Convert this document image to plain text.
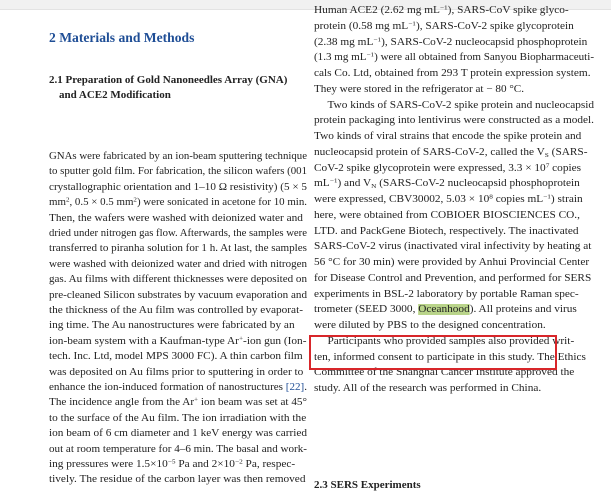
2 Materials and Methods
2.1 Preparation of Gold Nanoneedles Array (GNA)
and ACE2 Modification
GNAs were fabricated by an ion-beam sputtering technique
to sputter gold film. For fabrication, the silicon wafers (001
crystallographic orientation and 1–10 Ω resistivity) (5 × 5
$mm^2$, 0.5 × 0.5 $mm^2$) were sonicated in acetone for 10 min.
Then, the wafers were washed with deionized water and
dried under nitrogen gas flow. Afterwards, the samples were
transferred to piranha solution for 1 h. At last, the samples
were washed with deionized water and dried with nitrogen
gas. Au films with different thicknesses were deposited on
pre-cleaned Silicon substrates by vacuum evaporation and
the thickness of the Au film was controlled by evaporat-
ing time. The Au nanostructures were fabricated by an
ion-beam system with a Kaufman-type Ar+-ion gun (Ion-
tech. Inc. Ltd, model MPS 3000 FC). A thin carbon film
was deposited on Au films prior to sputtering in order to
enhance the ion-induced formation of nanostructures [22].
The incidence angle from the Ar+ ion beam was set at 45°
to the surface of the Au film. The ion irradiation with the
ion beam of 6 cm diameter and 1 keV energy was carried
out at room temperature for 4–6 min. The basal and work-
ing pressures were $1.5\times 10^{-5}$ Pa and $2\times 10^{-2}$ Pa, respec-
tively. The residue of the carbon layer was then removed
Human ACE2 (2.62 mg $mL^{-1}$), SARS-CoV spike glyco-
protein (0.58 mg $mL^{-1}$), SARS-CoV-2 spike glycoprotein
(2.38 mg $mL^{-1}$), SARS-CoV-2 nucleocapsid phosphoprotein
(1.3 mg $mL^{-1}$) were all obtained from Sanyou Biopharmaceuti-
cals Co. Ltd, obtained from 293 T protein expression system.
They were stored in the refrigerator at − 80 °C.
Two kinds of SARS-CoV-2 spike protein and nucleocapsid
protein packaging into lentivirus were constructed as a model.
Two kinds of viral strains that encode the spike protein and
nucleocapsid protein of SARS-CoV-2, called the $V_S$ (SARS-
CoV-2 spike glycoprotein were expressed, $3.3 \times 10^7$ copies
$mL^{-1}$) and $V_N$ (SARS-CoV-2 nucleocapsid phosphoprotein
were expressed, CBV30002, $5.03 \times 10^8$ copies $mL^{-1}$) strain
here, were obtained from COBIOER BIOSCIENCES CO.,
LTD. and PackGene Biotech, respectively. The inactivated
SARS-CoV-2 virus (inactivated viral infectivity by heating at
56 °C for 30 min) were provided by Anhui Provincial Center
for Disease Control and Prevention, and performed for SERS
experiments in BSL-2 laboratory by portable Raman spec-
trometer (SEED 3000, Oceanhood). All proteins and virus
were diluted by PBS to the designed concentration.
Participants who provided samples also provided writ-
ten, informed consent to participate in this study. The Ethics
Committee of the Shanghai Cancer Institute approved the
study. All of the research was performed in China.
2.3 SERS Experiments
